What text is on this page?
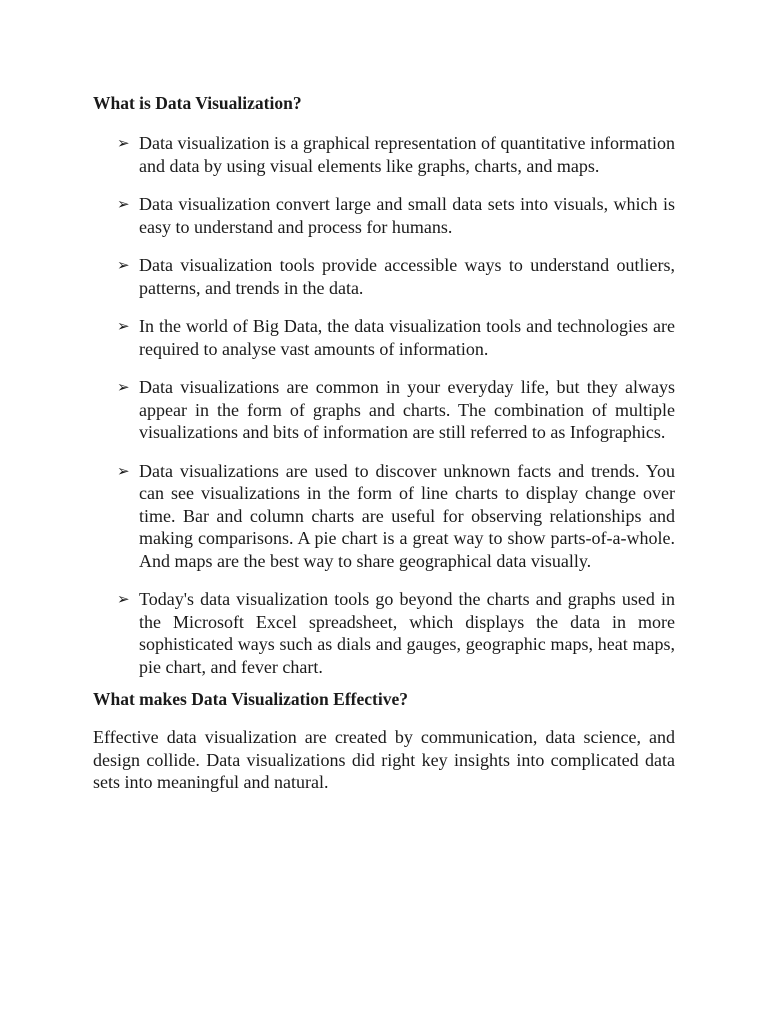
What is Data Visualization?
➢ Data visualization is a graphical representation of quantitative information and data by using visual elements like graphs, charts, and maps.
➢ Data visualization convert large and small data sets into visuals, which is easy to understand and process for humans.
➢ Data visualization tools provide accessible ways to understand outliers, patterns, and trends in the data.
➢ In the world of Big Data, the data visualization tools and technologies are required to analyse vast amounts of information.
➢ Data visualizations are common in your everyday life, but they always appear in the form of graphs and charts. The combination of multiple visualizations and bits of information are still referred to as Infographics.
➢ Data visualizations are used to discover unknown facts and trends. You can see visualizations in the form of line charts to display change over time. Bar and column charts are useful for observing relationships and making comparisons. A pie chart is a great way to show parts-of-a-whole. And maps are the best way to share geographical data visually.
➢ Today's data visualization tools go beyond the charts and graphs used in the Microsoft Excel spreadsheet, which displays the data in more sophisticated ways such as dials and gauges, geographic maps, heat maps, pie chart, and fever chart.
What makes Data Visualization Effective?

Effective data visualization are created by communication, data science, and design collide. Data visualizations did right key insights into complicated data sets into meaningful and natural.
